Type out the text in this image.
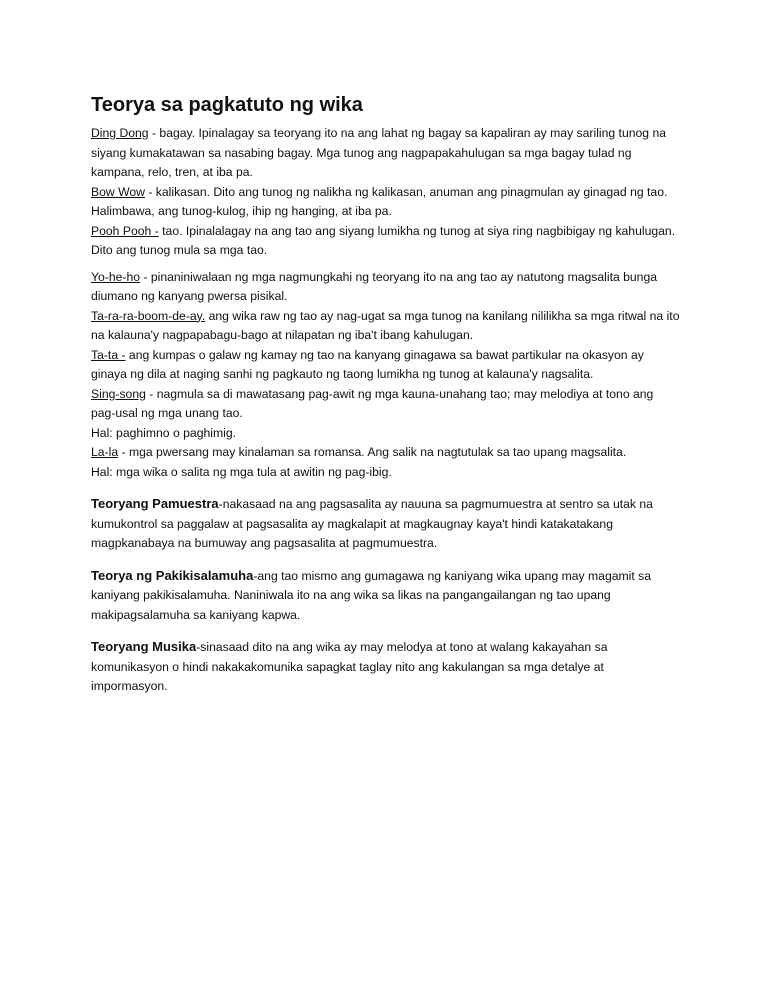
Teorya sa pagkatuto ng wika

Ding Dong - bagay. Ipinalagay sa teoryang ito na ang lahat ng bagay sa kapaliran ay may sariling tunog na siyang kumakatawan sa nasabing bagay. Mga tunog ang nagpapakahulugan sa mga bagay tulad ng kampana, relo, tren, at iba pa.

Bow Wow - kalikasan. Dito ang tunog ng nalikha ng kalikasan, anuman ang pinagmulan ay ginagad ng tao. Halimbawa, ang tunog-kulog, ihip ng hanging, at iba pa.

Pooh Pooh - tao. Ipinalalagay na ang tao ang siyang lumikha ng tunog at siya ring nagbibigay ng kahulugan. Dito ang tunog mula sa mga tao.

Yo-he-ho - pinaniniwalaan ng mga nagmungkahi ng teoryang ito na ang tao ay natutong magsalita bunga diumano ng kanyang pwersa pisikal.

Ta-ra-ra-boom-de-ay. ang wika raw ng tao ay nag-ugat sa mga tunog na kanilang nililikha sa mga ritwal na ito na kalauna'y nagpapabagu-bago at nilapatan ng iba't ibang kahulugan.

Ta-ta - ang kumpas o galaw ng kamay ng tao na kanyang ginagawa sa bawat partikular na okasyon ay ginaya ng dila at naging sanhi ng pagkauto ng taong lumikha ng tunog at kalauna'y nagsalita.

Sing-song - nagmula sa di mawatasang pag-awit ng mga kauna-unahang tao; may melodiya at tono ang pag-usal ng mga unang tao.

Hal: paghimno o paghimig.

La-la - mga pwersang may kinalaman sa romansa. Ang salik na nagtutulak sa tao upang magsalita.

Hal: mga wika o salita ng mga tula at awitin ng pag-ibig.

Teoryang Pamuestra-nakasaad na ang pagsasalita ay nauuna sa pagmumuestra at sentro sa utak na kumukontrol sa paggalaw at pagsasalita ay magkalapit at magkaugnay kaya't hindi katakatakang magpkanabaya na bumuway ang pagsasalita at pagmumuestra.

Teorya ng Pakikisalamuha-ang tao mismo ang gumagawa ng kaniyang wika upang may magamit sa kaniyang pakikisalamuha. Naniniwala ito na ang wika sa likas na pangangailangan ng tao upang makipagsalamuha sa kaniyang kapwa.

Teoryang Musika-sinasaad dito na ang wika ay may melodya at tono at walang kakayahan sa komunikasyon o hindi nakakakomunika sapagkat taglay nito ang kakulangan sa mga detalye at impormasyon.
